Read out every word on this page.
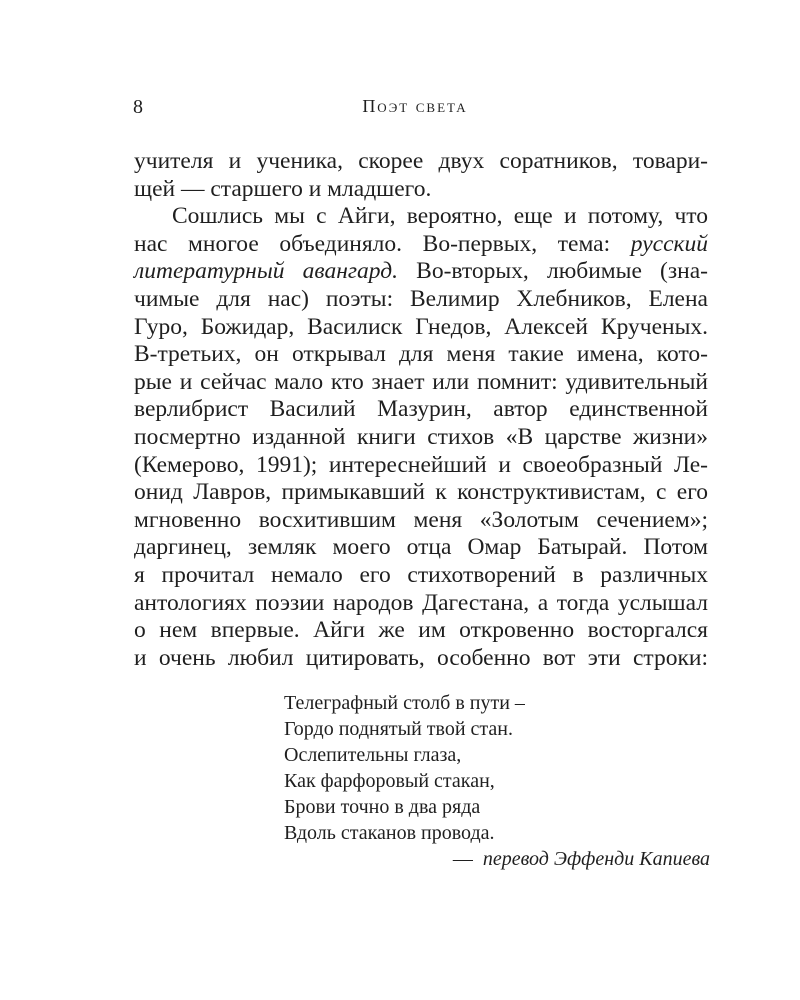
8	Поэт света
учителя и ученика, скорее двух соратников, товари-
щей — старшего и младшего.
Сошлись мы с Айги, вероятно, еще и потому, что
нас многое объединяло. Во-первых, тема: русский
литературный авангард. Во-вторых, любимые (зна-
чимые для нас) поэты: Велимир Хлебников, Елена
Гуро, Божидар, Василиск Гнедов, Алексей Крученых.
В-третьих, он открывал для меня такие имена, кото-
рые и сейчас мало кто знает или помнит: удивительный
верлибрист Василий Мазурин, автор единственной
посмертно изданной книги стихов «В царстве жизни»
(Кемерово, 1991); интереснейший и своеобразный Ле-
онид Лавров, примыкавший к конструктивистам, с его
мгновенно восхитившим меня «Золотым сечением»;
даргинец, земляк моего отца Омар Батырай. Потом
я прочитал немало его стихотворений в различных
антологиях поэзии народов Дагестана, а тогда услышал
о нем впервые. Айги же им откровенно восторгался
и очень любил цитировать, особенно вот эти строки:
Телеграфный столб в пути –
Гордо поднятый твой стан.
Ослепительны глаза,
Как фарфоровый стакан,
Брови точно в два ряда
Вдоль стаканов провода.
— перевод Эффенди Капиева
